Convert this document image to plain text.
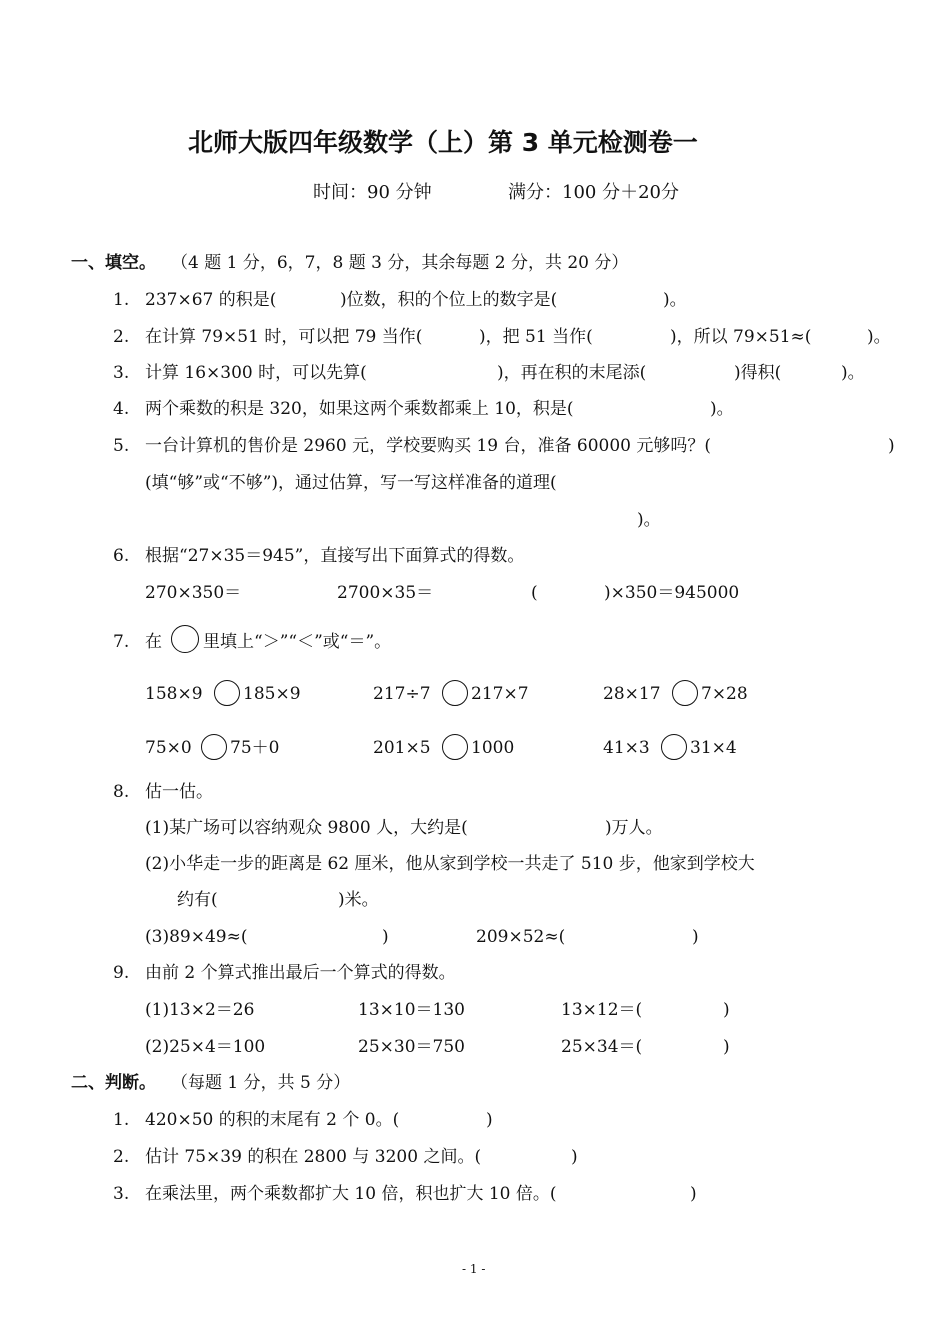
北师大版四年级数学（上）第 3 单元检测卷一
时间：90 分钟	满分：100 分＋20分
一、填空。 （4 题 1 分，6，7，8 题 3 分，其余每题 2 分，共 20 分）
1. 237×67 的积是(	)位数，积的个位上的数字是(	)。
2. 在计算 79×51 时，可以把 79 当作(	)，把 51 当作(	)，所以 79×51≈(	)。
3. 计算 16×300 时，可以先算(	)，再在积的末尾添(	)得积(	)。
4. 两个乘数的积是 320，如果这两个乘数都乘上 10，积是(	)。
5. 一台计算机的售价是 2960 元，学校要购买 19 台，准备 60000 元够吗？(	)
(填“够”或“不够”)，通过估算，写一写这样准备的道理(
)。
6. 根据“27×35＝945”，直接写出下面算式的得数。
270×350＝	2700×35＝	(	)×350＝945000
7. 在 里填上“＞”“＜”或“＝”。
158×9 185×9	217÷7 217×7	28×17 7×28
75×0 75＋0	201×5 1000	41×3 31×4
8. 估一估。
(1)某广场可以容纳观众 9800 人，大约是(	)万人。
(2)小华走一步的距离是 62 厘米，他从家到学校一共走了 510 步，他家到学校大
约有(	)米。
(3)89×49≈(	)	209×52≈(	)
9. 由前 2 个算式推出最后一个算式的得数。
(1)13×2＝26	13×10＝130	13×12＝(	)
(2)25×4＝100	25×30＝750	25×34＝(	)
二、判断。 （每题 1 分，共 5 分）
1. 420×50 的积的末尾有 2 个 0。(	)
2. 估计 75×39 的积在 2800 与 3200 之间。(	)
3. 在乘法里，两个乘数都扩大 10 倍，积也扩大 10 倍。(	)
- 1 -
